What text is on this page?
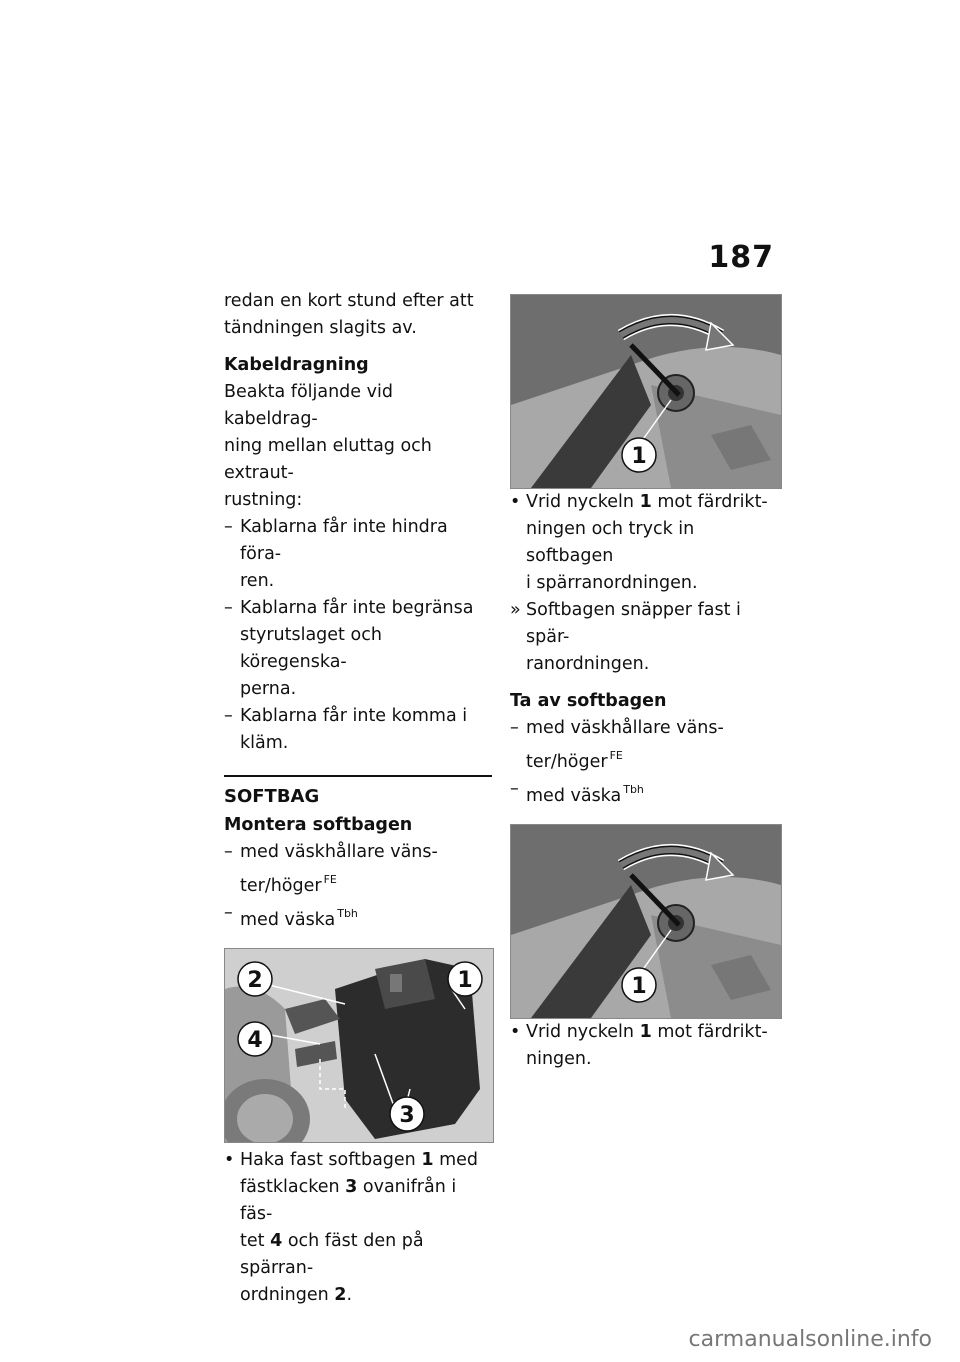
187

redan en kort stund efter att

tändningen slagits av.

Kabeldragning

Beakta följande vid kabeldrag-

ning mellan eluttag och extraut-

rustning:

– Kablarna får inte hindra föra-
ren.
– Kablarna får inte begränsa
styrutslaget och köregenska-
perna.
– Kablarna får inte komma i
kläm.

SOFTBAG

Montera softbagen

– med väskhållare väns-
ter/höger $^{FE}$
– med väska $^{Tbh}$
2	1
4
3
• Haka fast softbagen 1 med
fästklacken 3 ovanifrån i fäs-
tet 4 och fäst den på spärran-
ordningen 2.
1
• Vrid nyckeln 1 mot färdrikt-
ningen och tryck in softbagen
i spärranordningen.
» Softbagen snäpper fast i spär-
ranordningen.

Ta av softbagen

– med väskhållare väns-
ter/höger $^{FE}$
– med väska $^{Tbh}$
1
• Vrid nyckeln 1 mot färdrikt-
ningen.
carmanualsonline.info
